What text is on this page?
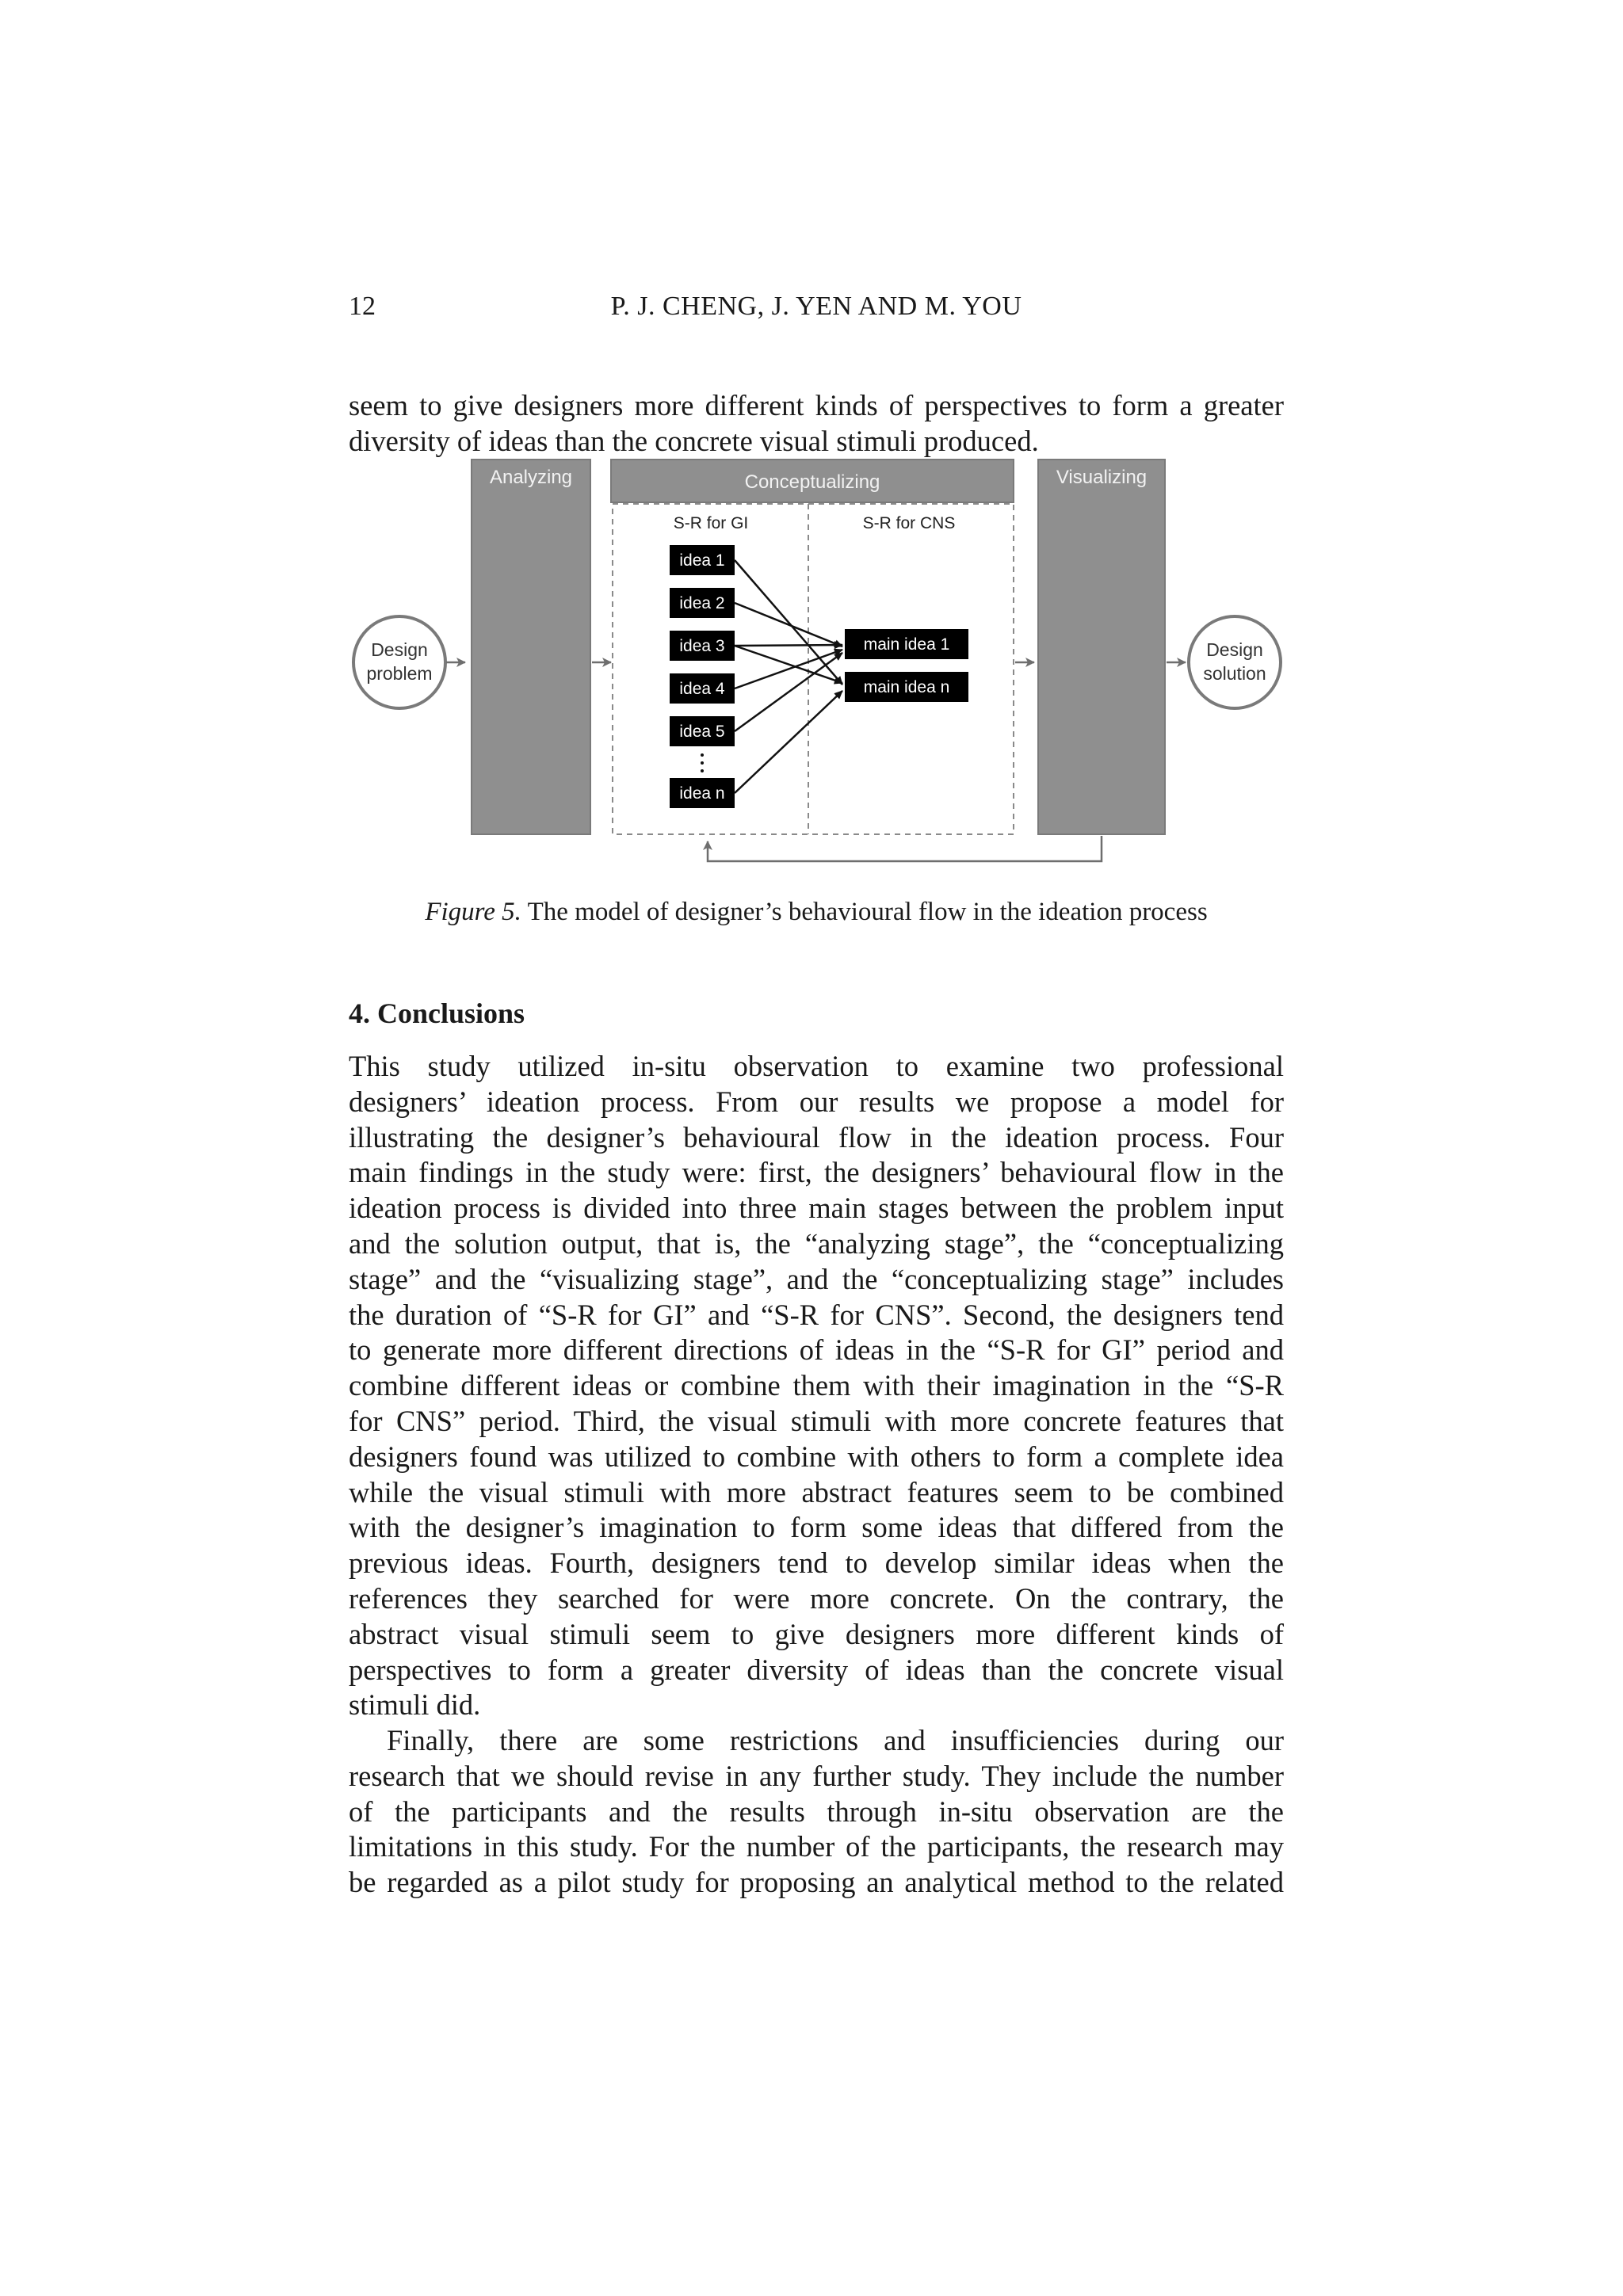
12	P. J. CHENG, J. YEN AND M. YOU
seem to give designers more different kinds of perspectives to form a greater
diversity of ideas than the concrete visual stimuli produced.
Design
problem
Analyzing	Conceptualizing
S-R for GI	S-R for CNS
idea 1
idea 2
idea 3
idea 4
idea 5
idea n
main idea 1
main idea n
Visualizing
Design
solution
Figure 5. The model of designer’s behavioural flow in the ideation process
4. Conclusions
This study utilized in-situ observation to examine two professional
designers’ ideation process. From our results we propose a model for
illustrating the designer’s behavioural flow in the ideation process. Four
main findings in the study were: first, the designers’ behavioural flow in the
ideation process is divided into three main stages between the problem input
and the solution output, that is, the “analyzing stage”, the “conceptualizing
stage” and the “visualizing stage”, and the “conceptualizing stage” includes
the duration of “S-R for GI” and “S-R for CNS”. Second, the designers tend
to generate more different directions of ideas in the “S-R for GI” period and
combine different ideas or combine them with their imagination in the “S-R
for CNS” period. Third, the visual stimuli with more concrete features that
designers found was utilized to combine with others to form a complete idea
while the visual stimuli with more abstract features seem to be combined
with the designer’s imagination to form some ideas that differed from the
previous ideas. Fourth, designers tend to develop similar ideas when the
references they searched for were more concrete. On the contrary, the
abstract visual stimuli seem to give designers more different kinds of
perspectives to form a greater diversity of ideas than the concrete visual
stimuli did.
Finally, there are some restrictions and insufficiencies during our
research that we should revise in any further study. They include the number
of the participants and the results through in-situ observation are the
limitations in this study. For the number of the participants, the research may
be regarded as a pilot study for proposing an analytical method to the related
